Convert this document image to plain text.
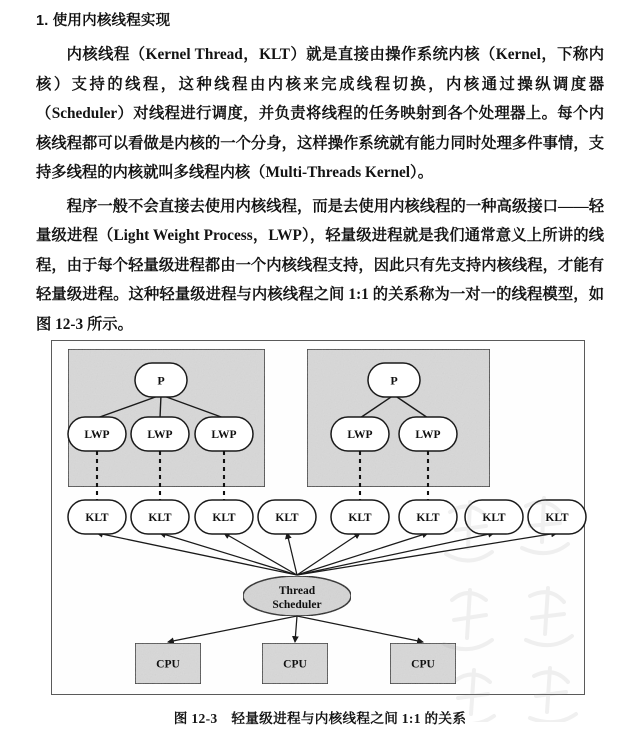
1. 使用内核线程实现

内核线程（Kernel Thread，KLT）就是直接由操作系统内核（Kernel，下称内核）支持的线程，这种线程由内核来完成线程切换，内核通过操纵调度器（Scheduler）对线程进行调度，并负责将线程的任务映射到各个处理器上。每个内核线程都可以看做是内核的一个分身，这样操作系统就有能力同时处理多件事情，支持多线程的内核就叫多线程内核（Multi-Threads Kernel）。

程序一般不会直接去使用内核线程，而是去使用内核线程的一种高级接口——轻量级进程（Light Weight Process，LWP），轻量级进程就是我们通常意义上所讲的线程，由于每个轻量级进程都由一个内核线程支持，因此只有先支持内核线程，才能有轻量级进程。这种轻量级进程与内核线程之间 1:1 的关系称为一对一的线程模型，如图 12-3 所示。

P
LWP	LWP	LWP
P
LWP	LWP
KLT	KLT	KLT	KLT	KLT	KLT	KLT	KLT
Thread
Scheduler
CPU	CPU	CPU
图 12-3　轻量级进程与内核线程之间 1:1 的关系
